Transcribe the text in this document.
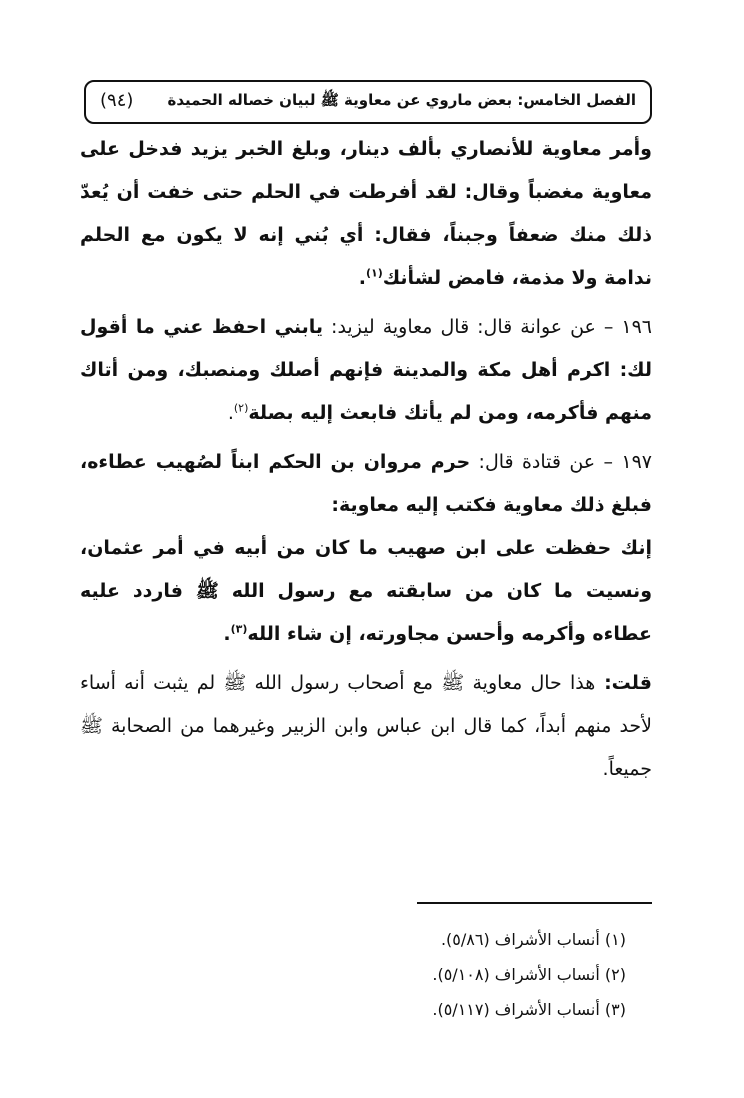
الفصل الخامس: بعض ماروي عن معاوية ﷺ لبيان خصاله الحميدة
(٩٤)

وأمر معاوية للأنصاري بألف دينار، وبلغ الخبر يزيد فدخل على معاوية مغضباً وقال: لقد أفرطت في الحلم حتى خفت أن يُعدّ ذلك منك ضعفاً وجبناً، فقال: أي بُني إنه لا يكون مع الحلم ندامة ولا مذمة، فامض لشأنك$^{(١)}$.

١٩٦ – عن عوانة قال: قال معاوية ليزيد: يابني احفظ عني ما أقول لك: اكرم أهل مكة والمدينة فإنهم أصلك ومنصبك، ومن أتاك منهم فأكرمه، ومن لم يأتك فابعث إليه بصلة$^{(٢)}$.

١٩٧ – عن قتادة قال: حرم مروان بن الحكم ابناً لصُهيب عطاءه، فبلغ ذلك معاوية فكتب إليه معاوية:

إنك حفظت على ابن صهيب ما كان من أبيه في أمر عثمان، ونسيت ما كان من سابقته مع رسول الله ﷺ فاردد عليه عطاءه وأكرمه وأحسن مجاورته، إن شاء الله$^{(٣)}$.

قلت: هذا حال معاوية ﷺ مع أصحاب رسول الله ﷺ لم يثبت أنه أساء لأحد منهم أبداً، كما قال ابن عباس وابن الزبير وغيرهما من الصحابة ﷺ جميعاً.

(١) أنساب الأشراف (٥/٨٦).
(٢) أنساب الأشراف (٥/١٠٨).
(٣) أنساب الأشراف (٥/١١٧).
